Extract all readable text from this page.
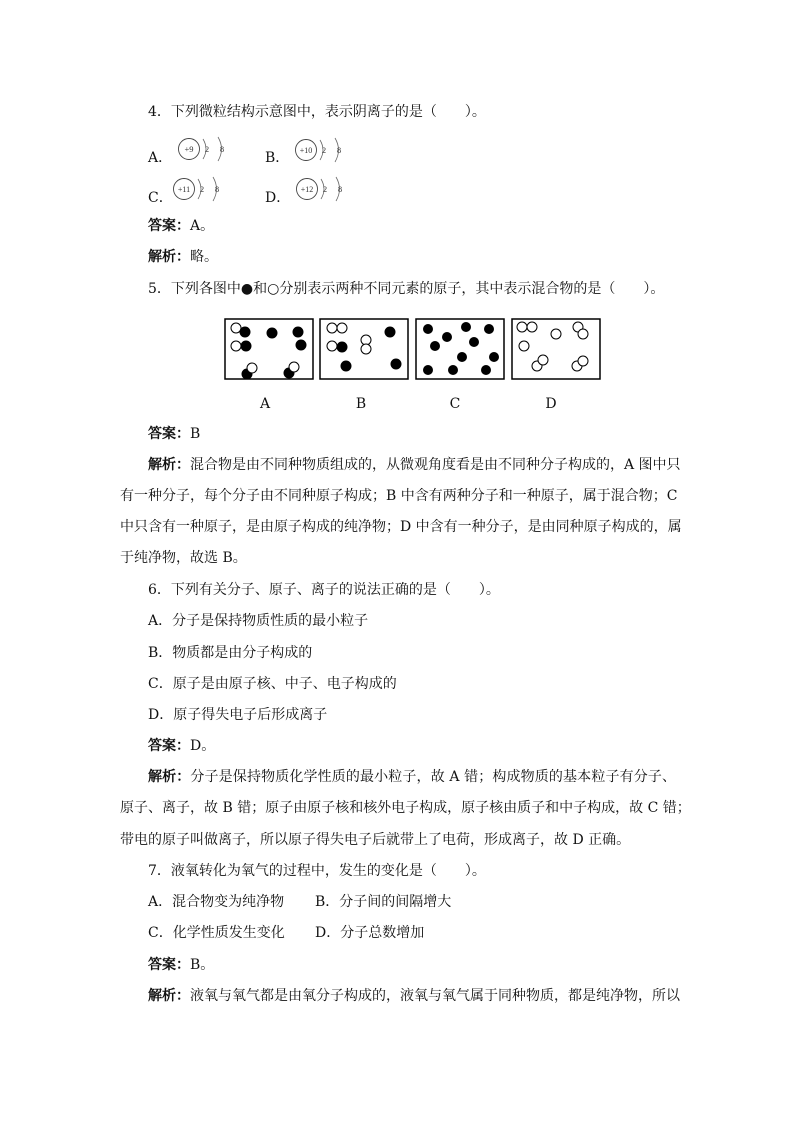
4．下列微粒结构示意图中，表示阴离子的是（　　）。
A．
+9 2 8
B． +10 2 8
C．
+11 2 8
D．
+12 2 8
答案：A。
解析：略。
5．下列各图中●和○分别表示两种不同元素的原子，其中表示混合物的是（　　）。
A	B	C	D
答案：B
解析：混合物是由不同种物质组成的，从微观角度看是由不同种分子构成的，A 图中只
有一种分子，每个分子由不同种原子构成；B 中含有两种分子和一种原子，属于混合物；C
中只含有一种原子，是由原子构成的纯净物；D 中含有一种分子，是由同种原子构成的，属
于纯净物，故选 B。
6．下列有关分子、原子、离子的说法正确的是（　　）。
A．分子是保持物质性质的最小粒子
B．物质都是由分子构成的
C．原子是由原子核、中子、电子构成的
D．原子得失电子后形成离子
答案：D。
解析：分子是保持物质化学性质的最小粒子，故 A 错；构成物质的基本粒子有分子、
原子、离子，故 B 错；原子由原子核和核外电子构成，原子核由质子和中子构成，故 C 错；
带电的原子叫做离子，所以原子得失电子后就带上了电荷，形成离子，故 D 正确。
7．液氧转化为氧气的过程中，发生的变化是（　　）。
A．混合物变为纯净物 B．分子间的间隔增大
C．化学性质发生变化 D．分子总数增加
答案：B。
解析：液氧与氧气都是由氧分子构成的，液氧与氧气属于同种物质，都是纯净物，所以
